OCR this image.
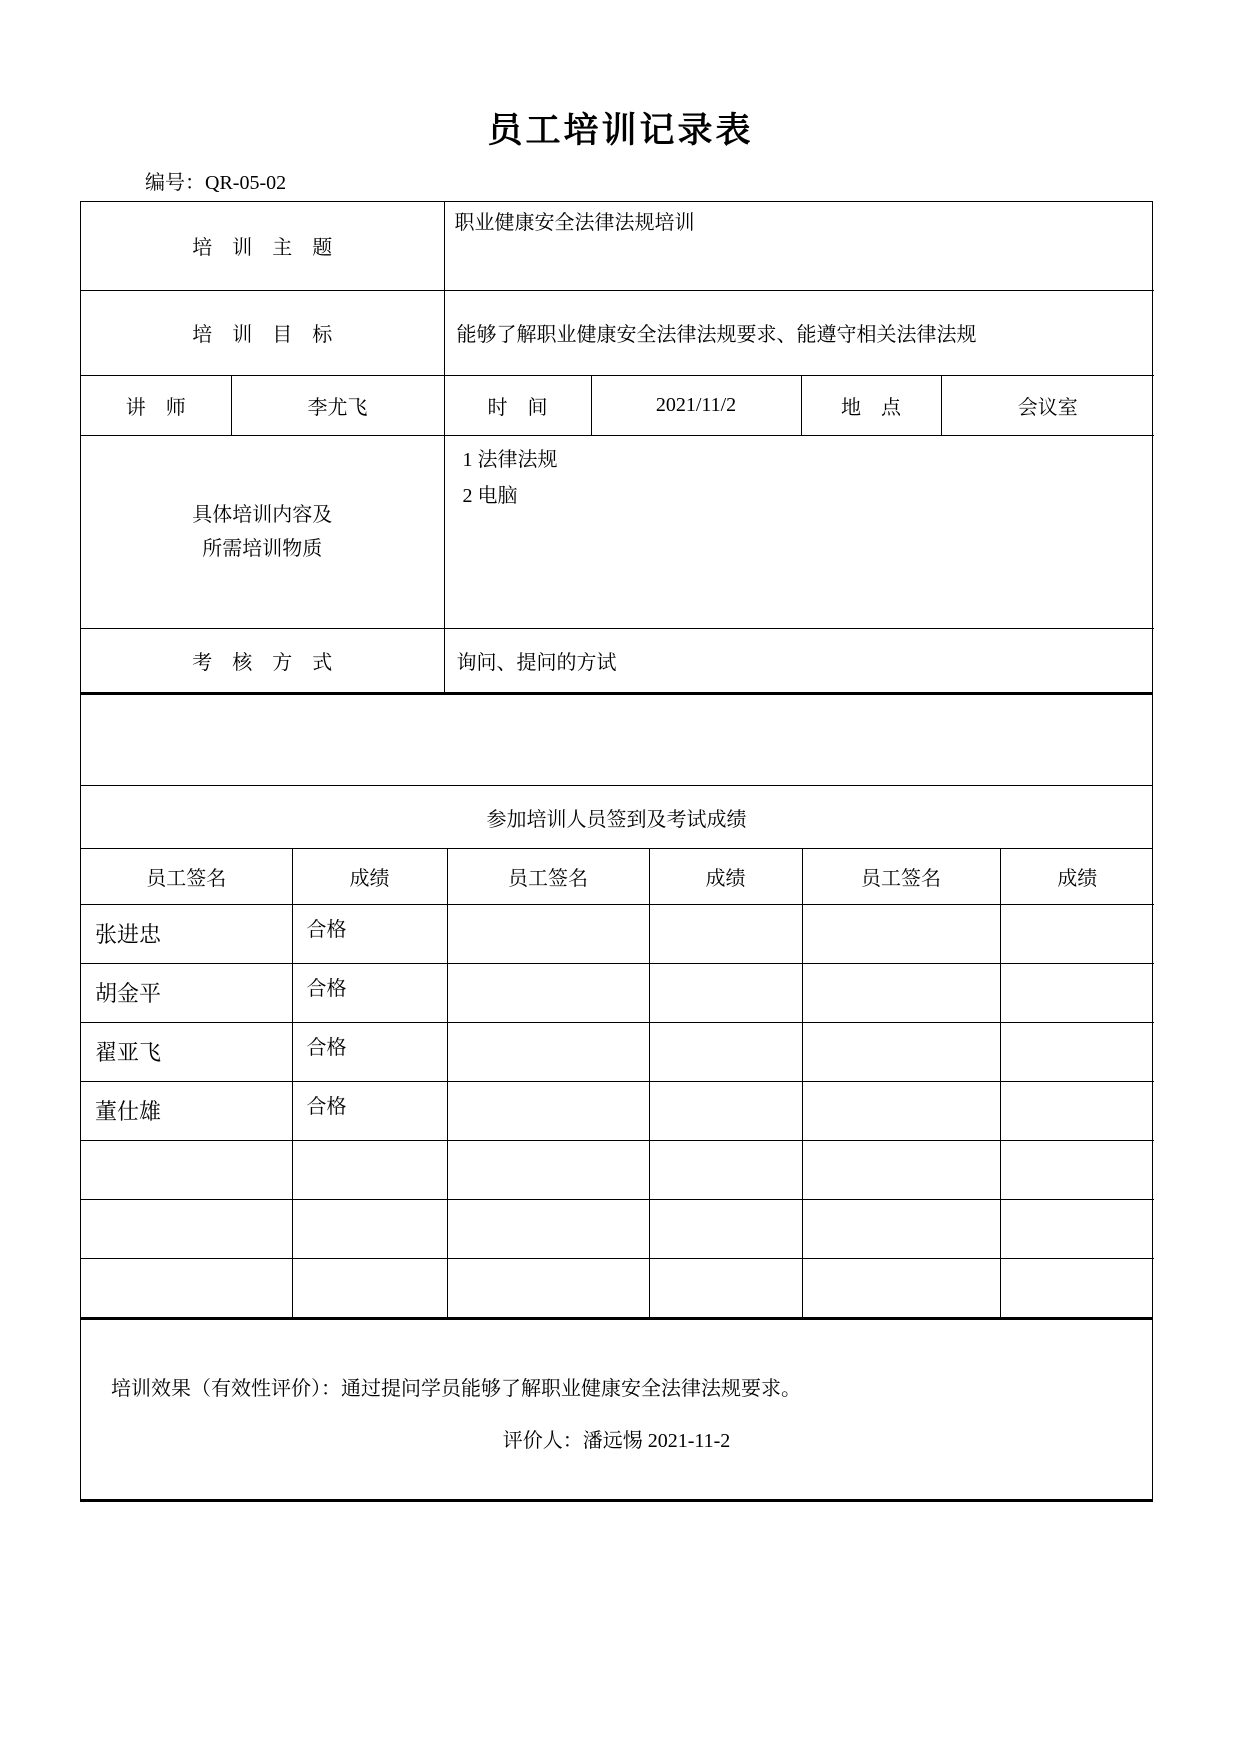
员工培训记录表
编号：QR-05-02
培　训　主　题		职业健康安全法律法规培训			
培　训　目　标		能够了解职业健康安全法律法规要求、能遵守相关法律法规			
讲　师	李尤飞	时　间	2021/11/2	地　点	会议室

具体培训内容及
所需培训物质

1 法律法规
2 电脑

考　核　方　式		询问、提问的方试			
参加培训人员签到及考试成绩
员工签名	成绩	员工签名	成绩	员工签名	成绩
张进忠	合格				
胡金平	合格				
翟亚飞	合格				
董仕雄	合格				

培训效果（有效性评价）：通过提问学员能够了解职业健康安全法律法规要求。
评价人：潘远惕 2021-11-2
